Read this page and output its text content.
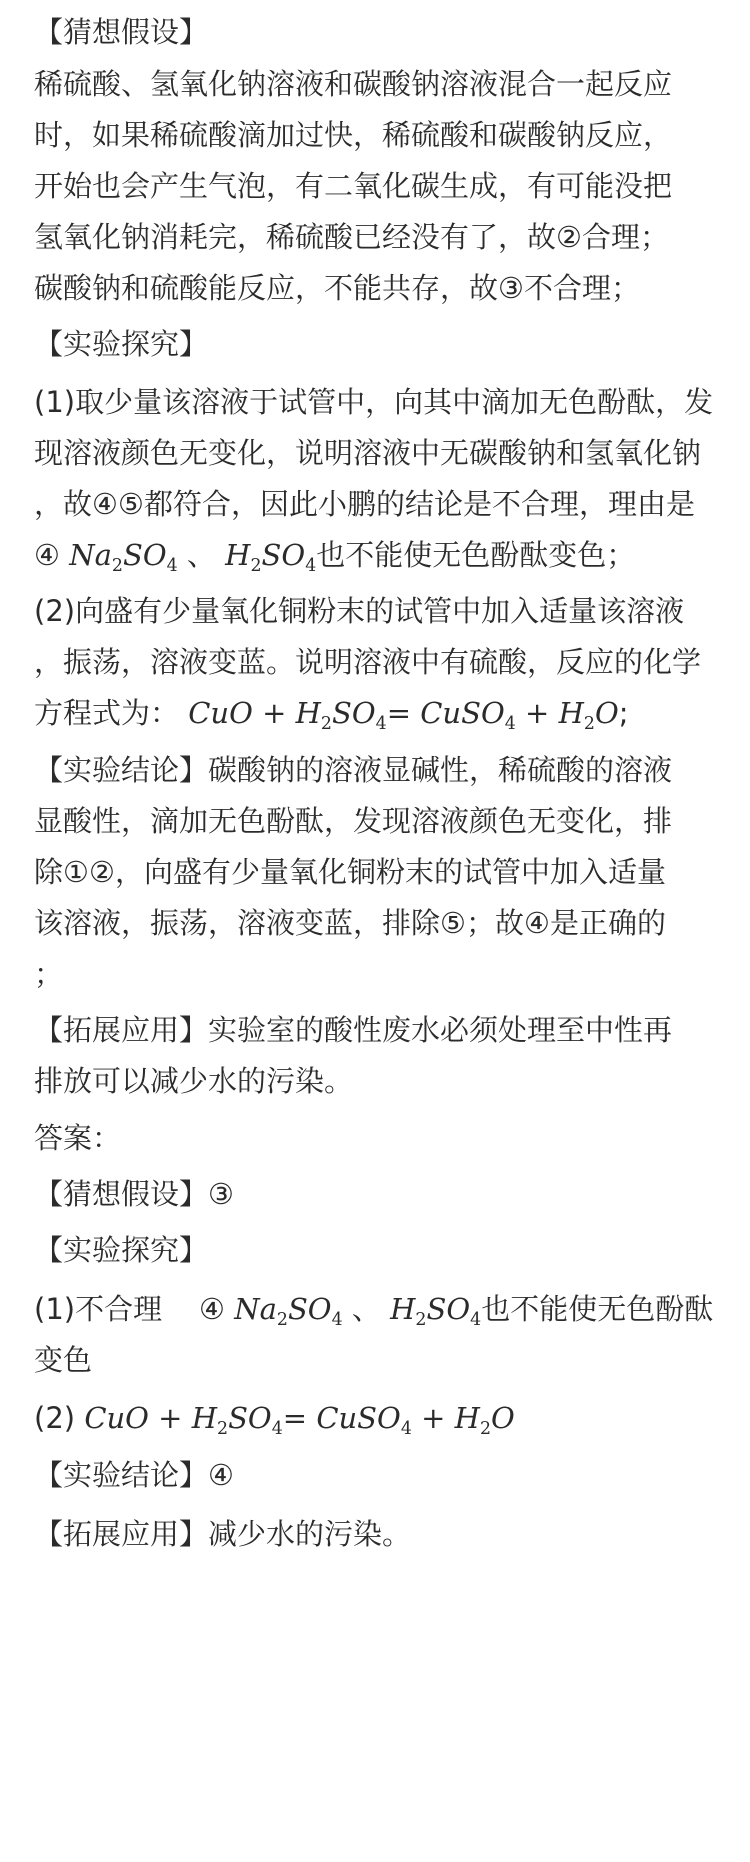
【猜想假设】
稀硫酸、氢氧化钠溶液和碳酸钠溶液混合一起反应
时，如果稀硫酸滴加过快，稀硫酸和碳酸钠反应，
开始也会产生气泡，有二氧化碳生成，有可能没把
氢氧化钠消耗完，稀硫酸已经没有了，故②合理；
碳酸钠和硫酸能反应，不能共存，故③不合理；
【实验探究】
(1)取少量该溶液于试管中，向其中滴加无色酚酞，发
现溶液颜色无变化，说明溶液中无碳酸钠和氢氧化钠
，故④⑤都符合，因此小鹏的结论是不合理，理由是
④ $Na_2SO_4$ 、 $H_2SO_4$也不能使无色酚酞变色；
(2)向盛有少量氧化铜粉末的试管中加入适量该溶液
，振荡，溶液变蓝。说明溶液中有硫酸，反应的化学
方程式为： CuO + $H_2SO_4=$ CuSO$_4$ + $H_2O$;
【实验结论】碳酸钠的溶液显碱性，稀硫酸的溶液
显酸性，滴加无色酚酞，发现溶液颜色无变化，排
除①②，向盛有少量氧化铜粉末的试管中加入适量
该溶液，振荡，溶液变蓝，排除⑤；故④是正确的
；
【拓展应用】实验室的酸性废水必须处理至中性再
排放可以减少水的污染。
答案：
【猜想假设】③
【实验探究】
(1)不合理 ④ $Na_2SO_4$ 、 $H_2SO_4$也不能使无色酚酞
变色
(2) CuO + $H_2SO_4=$ CuSO$_4$ + $H_2O$
【实验结论】④
【拓展应用】减少水的污染。
